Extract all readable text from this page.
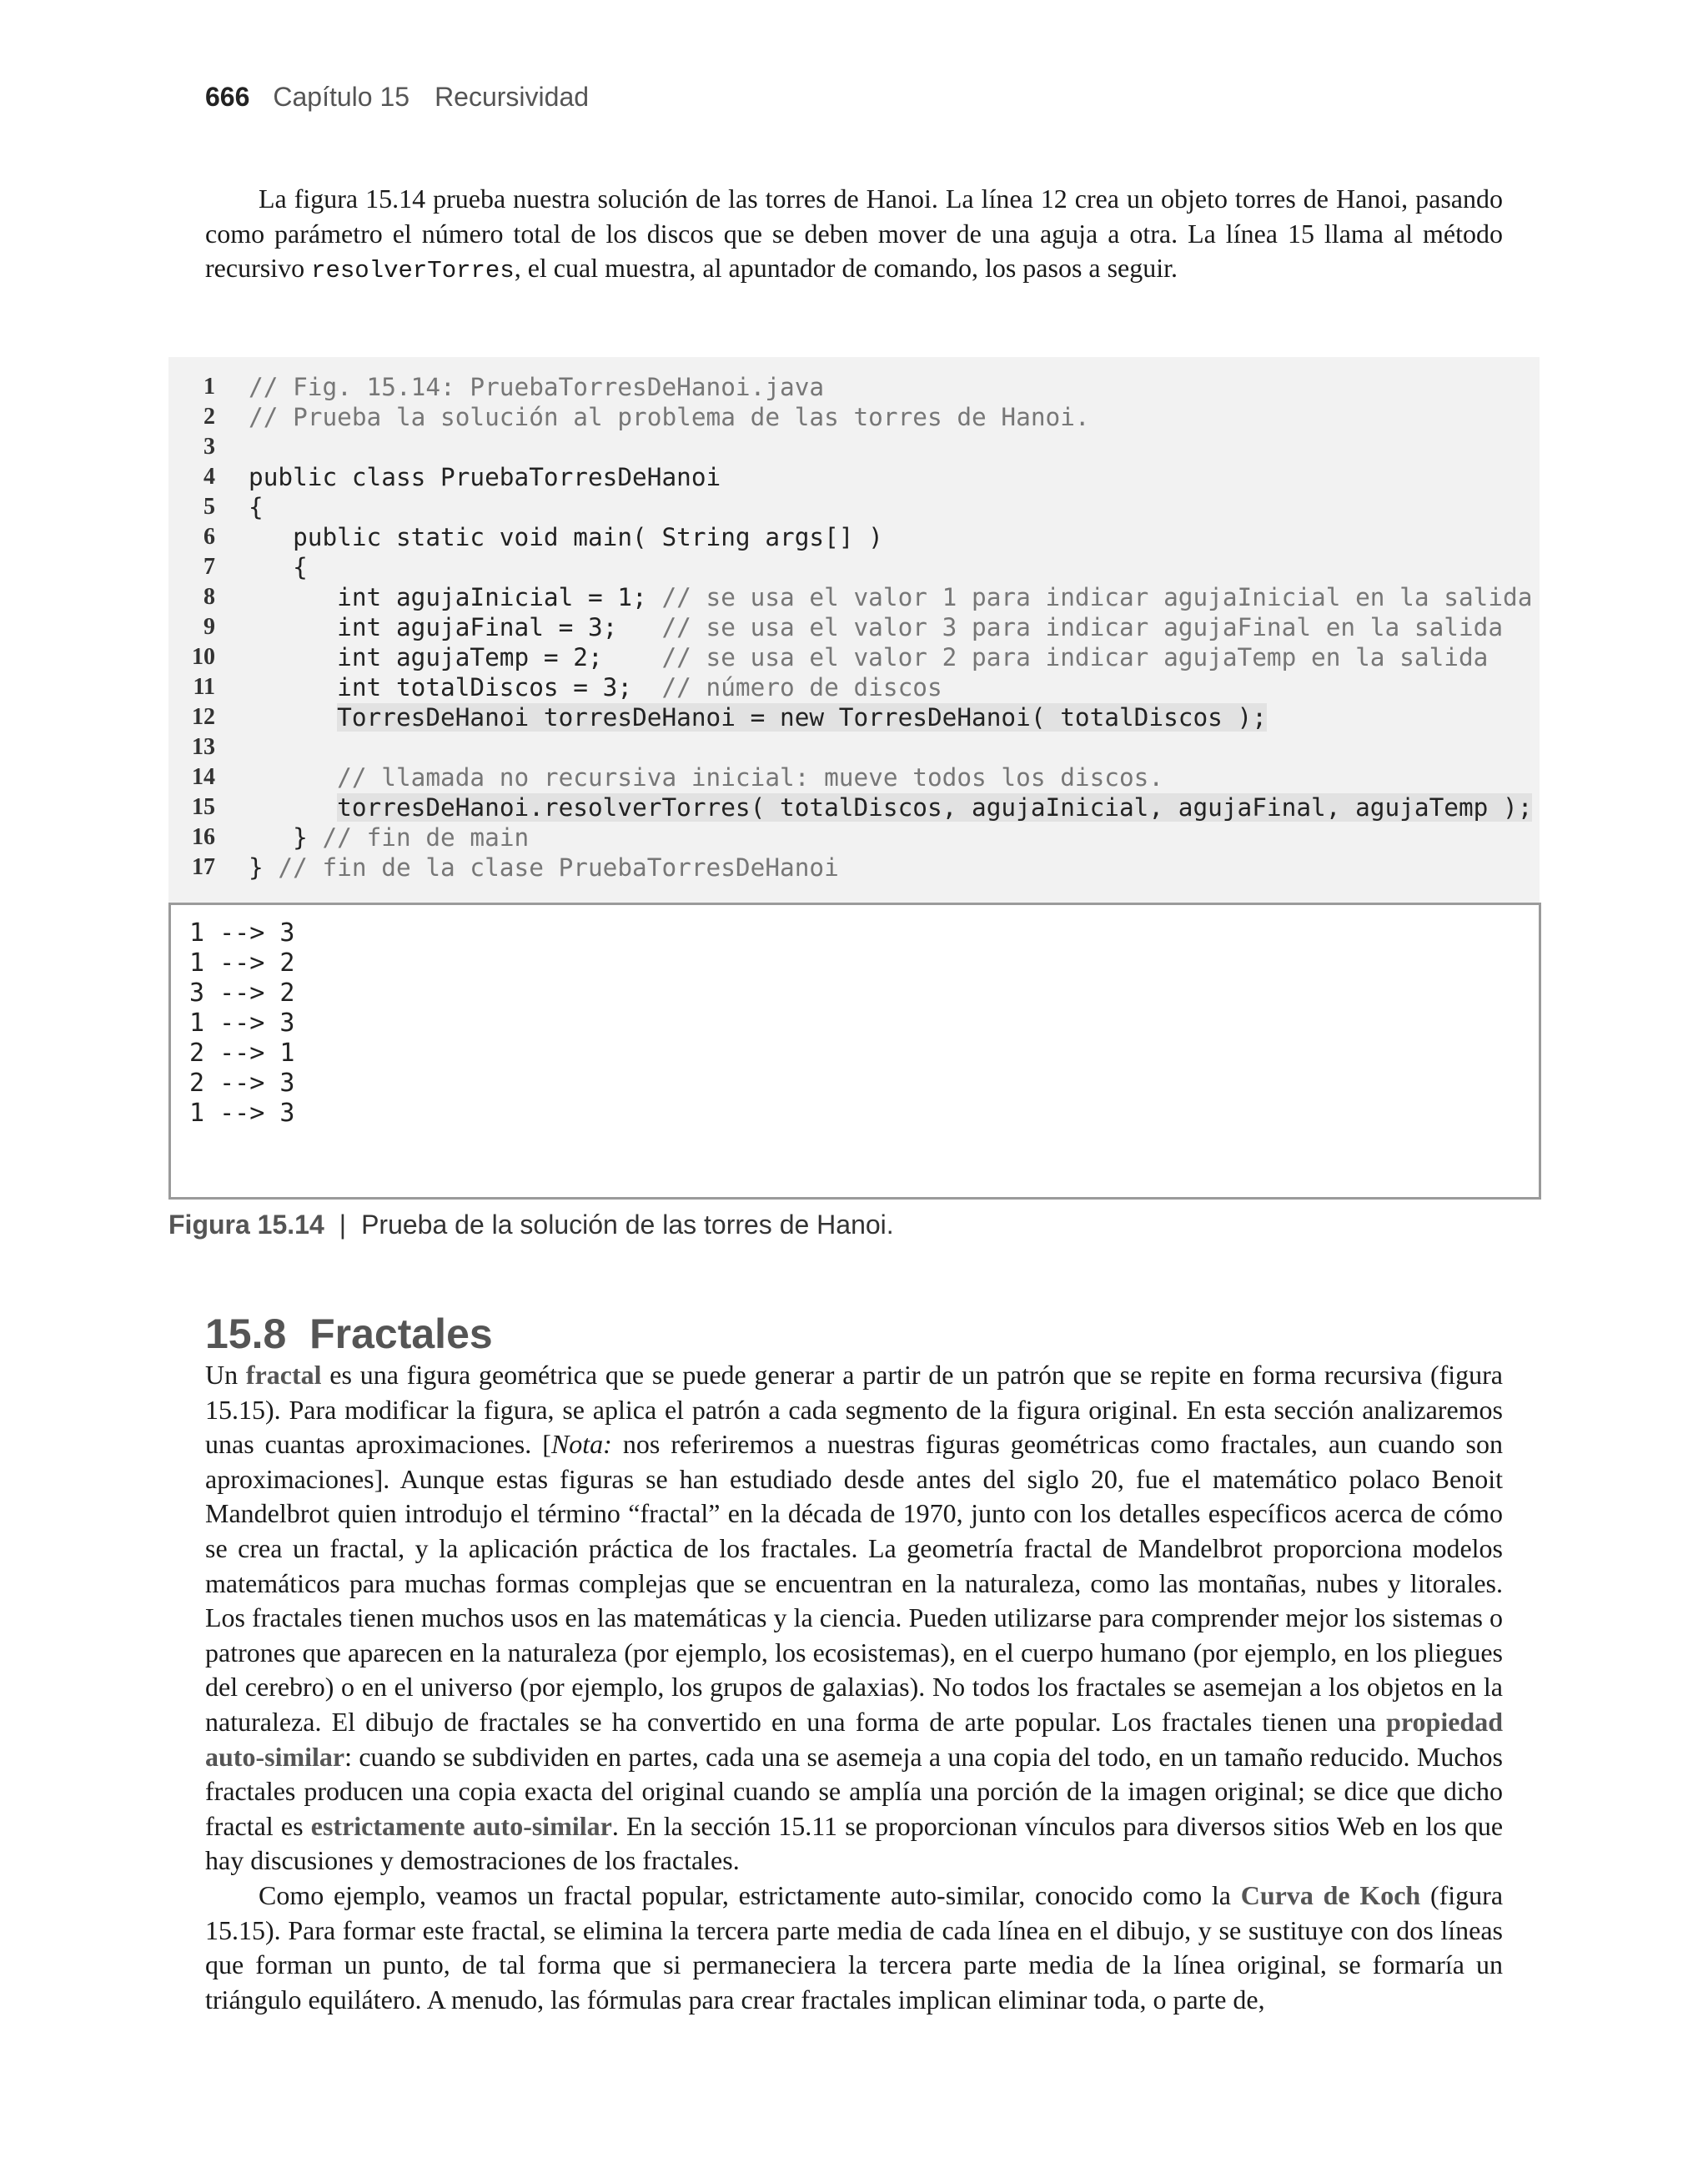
666 Capítulo 15 Recursividad

La figura 15.14 prueba nuestra solución de las torres de Hanoi. La línea 12 crea un objeto torres de Hanoi, pasando como parámetro el número total de los discos que se deben mover de una aguja a otra. La línea 15 llama al método recursivo resolverTorres, el cual muestra, al apuntador de comando, los pasos a seguir.

1 // Fig. 15.14: PruebaTorresDeHanoi.java
2 // Prueba la solución al problema de las torres de Hanoi.
3
4 public class PruebaTorresDeHanoi
5 {
6 public static void main( String args[] )
7 {
8 int agujaInicial = 1; // se usa el valor 1 para indicar agujaInicial en la salida
9 int agujaFinal = 3;   // se usa el valor 3 para indicar agujaFinal en la salida
10 int agujaTemp = 2;    // se usa el valor 2 para indicar agujaTemp en la salida
11 int totalDiscos = 3;  // número de discos
12	TorresDeHanoi torresDeHanoi = new TorresDeHanoi( totalDiscos );
13
14 // llamada no recursiva inicial: mueve todos los discos.
15	torresDeHanoi.resolverTorres( totalDiscos, agujaInicial, agujaFinal, agujaTemp );
16 } // fin de main
17 } // fin de la clase PruebaTorresDeHanoi
1 --> 3
1 --> 2
3 --> 2
1 --> 3
2 --> 1
2 --> 3
1 --> 3
Figura 15.14 | Prueba de la solución de las torres de Hanoi.
15.8  Fractales

Un fractal es una figura geométrica que se puede generar a partir de un patrón que se repite en forma recursiva (figura 15.15). Para modificar la figura, se aplica el patrón a cada segmento de la figura original. En esta sección analizaremos unas cuantas aproximaciones. [Nota: nos referiremos a nuestras figuras geométricas como fractales, aun cuando son aproximaciones]. Aunque estas figuras se han estudiado desde antes del siglo 20, fue el matemático polaco Benoit Mandelbrot quien introdujo el término “fractal” en la década de 1970, junto con los detalles específicos acerca de cómo se crea un fractal, y la aplicación práctica de los fractales. La geometría fractal de Mandelbrot proporciona modelos matemáticos para muchas formas complejas que se encuentran en la naturaleza, como las montañas, nubes y litorales. Los fractales tienen muchos usos en las matemáticas y la ciencia. Pueden utilizarse para comprender mejor los sistemas o patrones que aparecen en la naturaleza (por ejemplo, los ecosistemas), en el cuerpo humano (por ejemplo, en los pliegues del cerebro) o en el universo (por ejemplo, los grupos de galaxias). No todos los fractales se asemejan a los objetos en la naturaleza. El dibujo de fractales se ha convertido en una forma de arte popular. Los fractales tienen una propiedad auto-similar: cuando se subdividen en partes, cada una se asemeja a una copia del todo, en un tamaño reducido. Muchos fractales producen una copia exacta del original cuando se amplía una porción de la imagen original; se dice que dicho fractal es estrictamente auto-similar. En la sección 15.11 se proporcionan vínculos para diversos sitios Web en los que hay discusiones y demostraciones de los fractales.

Como ejemplo, veamos un fractal popular, estrictamente auto-similar, conocido como la Curva de Koch (figura 15.15). Para formar este fractal, se elimina la tercera parte media de cada línea en el dibujo, y se sustituye con dos líneas que forman un punto, de tal forma que si permaneciera la tercera parte media de la línea original, se formaría un triángulo equilátero. A menudo, las fórmulas para crear fractales implican eliminar toda, o parte de,
